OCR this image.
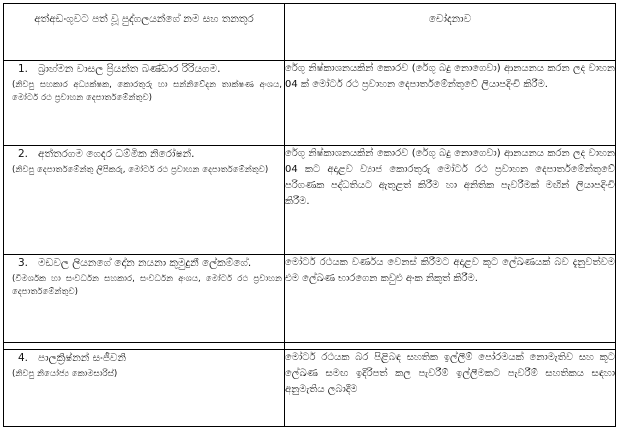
අත්අඩංගුවට පත් වූ පුද්ගලයන්ගේ නම සහ තනතුර	චෝදනාව

1. බ්‍රාහ්මන වාසල ප්‍රියන්ත බණ්ඩාර රිරියගම.
(නිවපු සහකාර අධ්‍යක්ෂක, කොරතුරු හා සන්නිවේදන තාක්ෂණ අංශය, මෝටර් රථ ප්‍රවාහන දෙපාර්තමේන්තුව)	රේගු නිෂ්කාශනයකින් කොරව (රේගු බදු නොගෙවා) ආනයනය කරන ලද වාහන 04 ක් මෝටර් රථ ප්‍රවාහන දෙපාර්තමේන්තුවේ ලියාපදිංචි කිරීම.

2. අත්තරගම ගෙදර ධම්මික නිරෝෂන්.
(නිවපු දෙපාර්තමේන්තු ලිපිකරු, මෝටර් රථ ප්‍රවාහන දෙපාර්තමේන්තුව)	රේගු නිෂ්කාශනයකින් කොරව (රේගු බදු නොගෙවා) ආනයනය කරන ලද වාහන 04 කට අදාළව ව්‍යාජ කොරතුරු මෝටර් රථ ප්‍රවාහන දෙපාර්තමේන්තුවේ පරිගණක පද්ධතියට ඇතුළත් කිරීම හා අනිතික පැවරීමක් මඟින් ලියාපදිංචි කිරීම.

3. මඩවල ලියනගේ දෝන නයනා කුමුදුනී ලේකම්ගේ.
(විමර්ශක හා සංවර්ධන සහකාර, සංවර්ධන අංශය, මෝටර් රථ ප්‍රවාහන දෙපාර්තමේන්තුව)	මෝටර් රථයක වර්ණය වෙනස් කිරීමට අදාළව කූට ලේඛණයක් බව දැනුවත්වම එම ලේඛණ භාරගෙන කවුළු අංක නිකුත් කිරීම.

4. පාලක්‍රිෂ්නන් සංජීවනි
(නිවපු නියෝජ්‍ය කොමසාරිස්)	මෝටර් රථයක බර පිළිබඳ සහතික ඉල්ලීම් පෝරමයක් නොමැතිව සහ කූට ලේඛණ සමඟ ඉදිරිපත් කල පැවරීම් ඉල්ලීමකට පැවරීම් සහතිකය සඳහා අනුමැතිය ලබාදීම
